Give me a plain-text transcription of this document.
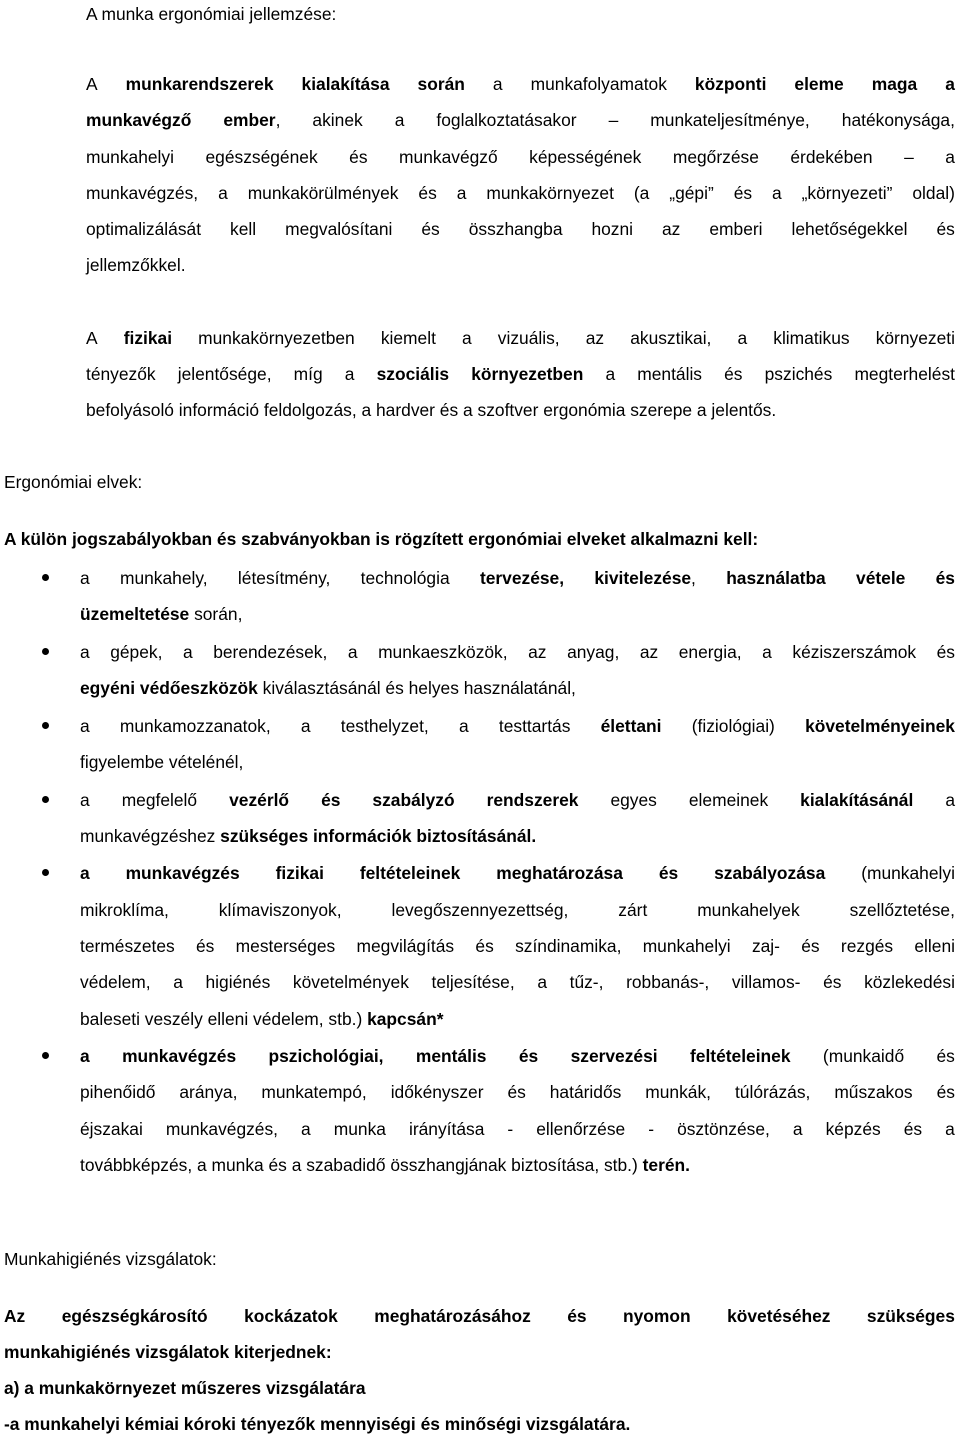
A munka ergonómiai jellemzése:
A munkarendszerek kialakítása során a munkafolyamatok központi eleme maga a
munkavégző ember, akinek a foglalkoztatásakor – munkateljesítménye, hatékonysága,
munkahelyi egészségének és munkavégző képességének megőrzése érdekében – a
munkavégzés, a munkakörülmények és a munkakörnyezet (a „gépi” és a „környezeti” oldal)
optimalizálását kell megvalósítani és összhangba hozni az emberi lehetőségekkel és
jellemzőkkel.
A fizikai munkakörnyezetben kiemelt a vizuális, az akusztikai, a klimatikus környezeti
tényezők jelentősége, míg a szociális környezetben a mentális és pszichés megterhelést
befolyásoló információ feldolgozás, a hardver és a szoftver ergonómia szerepe a jelentős.
Ergonómiai elvek:
A külön jogszabályokban és szabványokban is rögzített ergonómiai elveket alkalmazni kell:
a munkahely, létesítmény, technológia tervezése, kivitelezése, használatba vétele és
üzemeltetése során,
a gépek, a berendezések, a munkaeszközök, az anyag, az energia, a kéziszerszámok és
egyéni védőeszközök kiválasztásánál és helyes használatánál,
a munkamozzanatok, a testhelyzet, a testtartás élettani (fiziológiai) követelményeinek
figyelembe vételénél,
a megfelelő vezérlő és szabályzó rendszerek egyes elemeinek kialakításánál a
munkavégzéshez szükséges információk biztosításánál.
a munkavégzés fizikai feltételeinek meghatározása és szabályozása (munkahelyi
mikroklíma,	klímaviszonyok,	levegőszennyezettség,	zárt	munkahelyek	szellőztetése,
természetes és mesterséges megvilágítás és színdinamika, munkahelyi zaj- és rezgés elleni
védelem, a higiénés követelmények teljesítése, a tűz-, robbanás-, villamos- és közlekedési
baleseti veszély elleni védelem, stb.) kapcsán*
a munkavégzés pszichológiai, mentális és szervezési feltételeinek (munkaidő és
pihenőidő aránya, munkatempó, időkényszer és határidős munkák, túlórázás, műszakos és
éjszakai munkavégzés, a munka irányítása - ellenőrzése - ösztönzése, a képzés és a
továbbképzés, a munka és a szabadidő összhangjának biztosítása, stb.) terén.
Munkahigiénés vizsgálatok:
Az egészségkárosító kockázatok meghatározásához és nyomon követéséhez szükséges
munkahigiénés vizsgálatok kiterjednek:
a) a munkakörnyezet műszeres vizsgálatára
-a munkahelyi kémiai kóroki tényezők mennyiségi és minőségi vizsgálatára.
